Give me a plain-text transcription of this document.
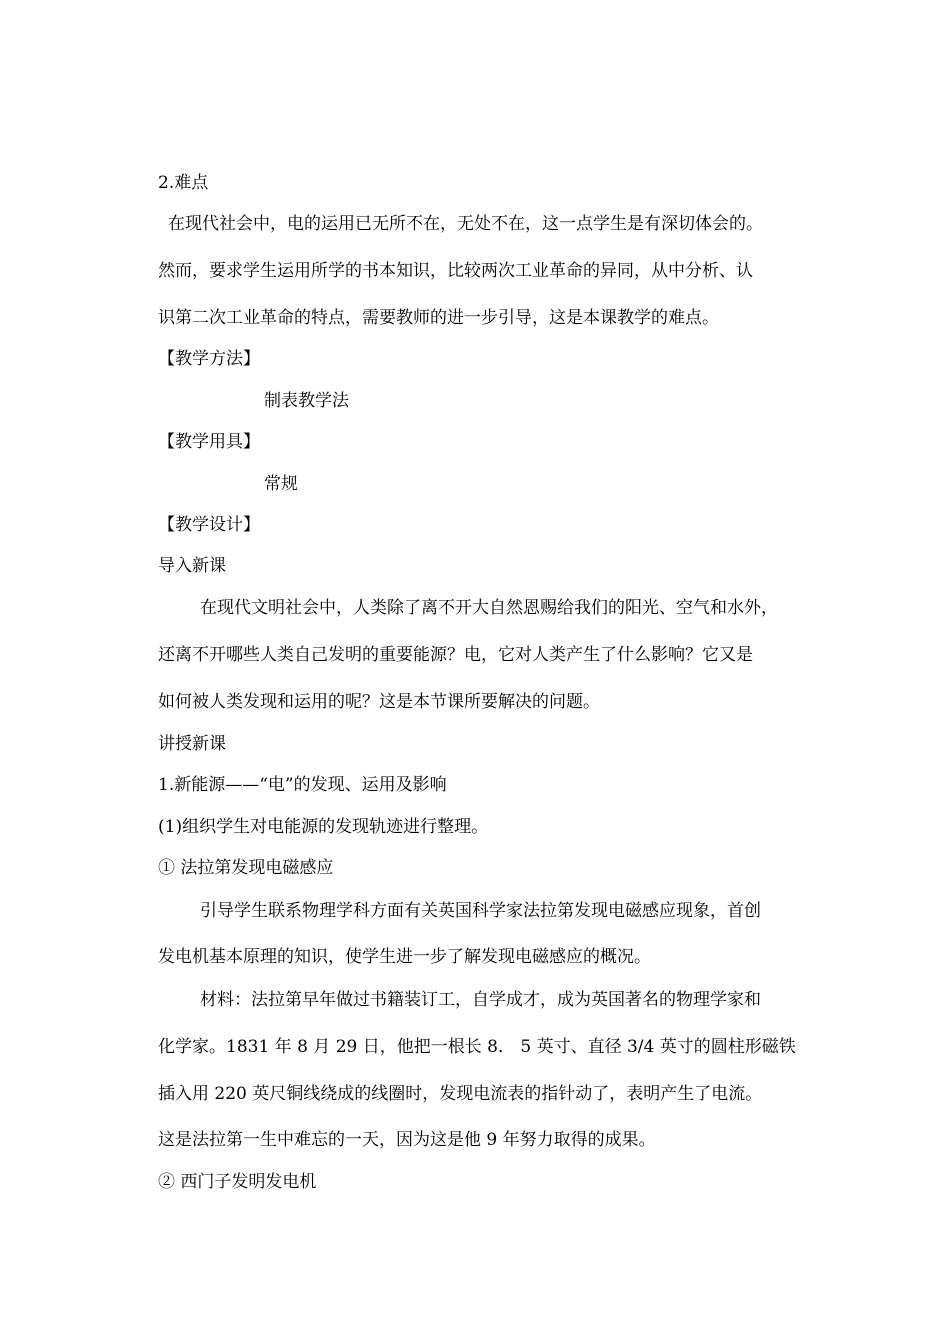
2.难点
在现代社会中，电的运用已无所不在，无处不在，这一点学生是有深切体会的。
然而，要求学生运用所学的书本知识，比较两次工业革命的异同，从中分析、认
识第二次工业革命的特点，需要教师的进一步引导，这是本课教学的难点。
【教学方法】
制表教学法
【教学用具】
常规
【教学设计】
导入新课
在现代文明社会中，人类除了离不开大自然恩赐给我们的阳光、空气和水外，
还离不开哪些人类自己发明的重要能源？电，它对人类产生了什么影响？它又是
如何被人类发现和运用的呢？这是本节课所要解决的问题。
讲授新课
1.新能源——“电”的发现、运用及影响
(1)组织学生对电能源的发现轨迹进行整理。
① 法拉第发现电磁感应
引导学生联系物理学科方面有关英国科学家法拉第发现电磁感应现象，首创
发电机基本原理的知识，使学生进一步了解发现电磁感应的概况。
材料：法拉第早年做过书籍装订工，自学成才，成为英国著名的物理学家和
化学家。1831 年 8 月 29 日，他把一根长 8． 5 英寸、直径 3/4 英寸的圆柱形磁铁
插入用 220 英尺铜线绕成的线圈时，发现电流表的指针动了，表明产生了电流。
这是法拉第一生中难忘的一天，因为这是他 9 年努力取得的成果。
② 西门子发明发电机
